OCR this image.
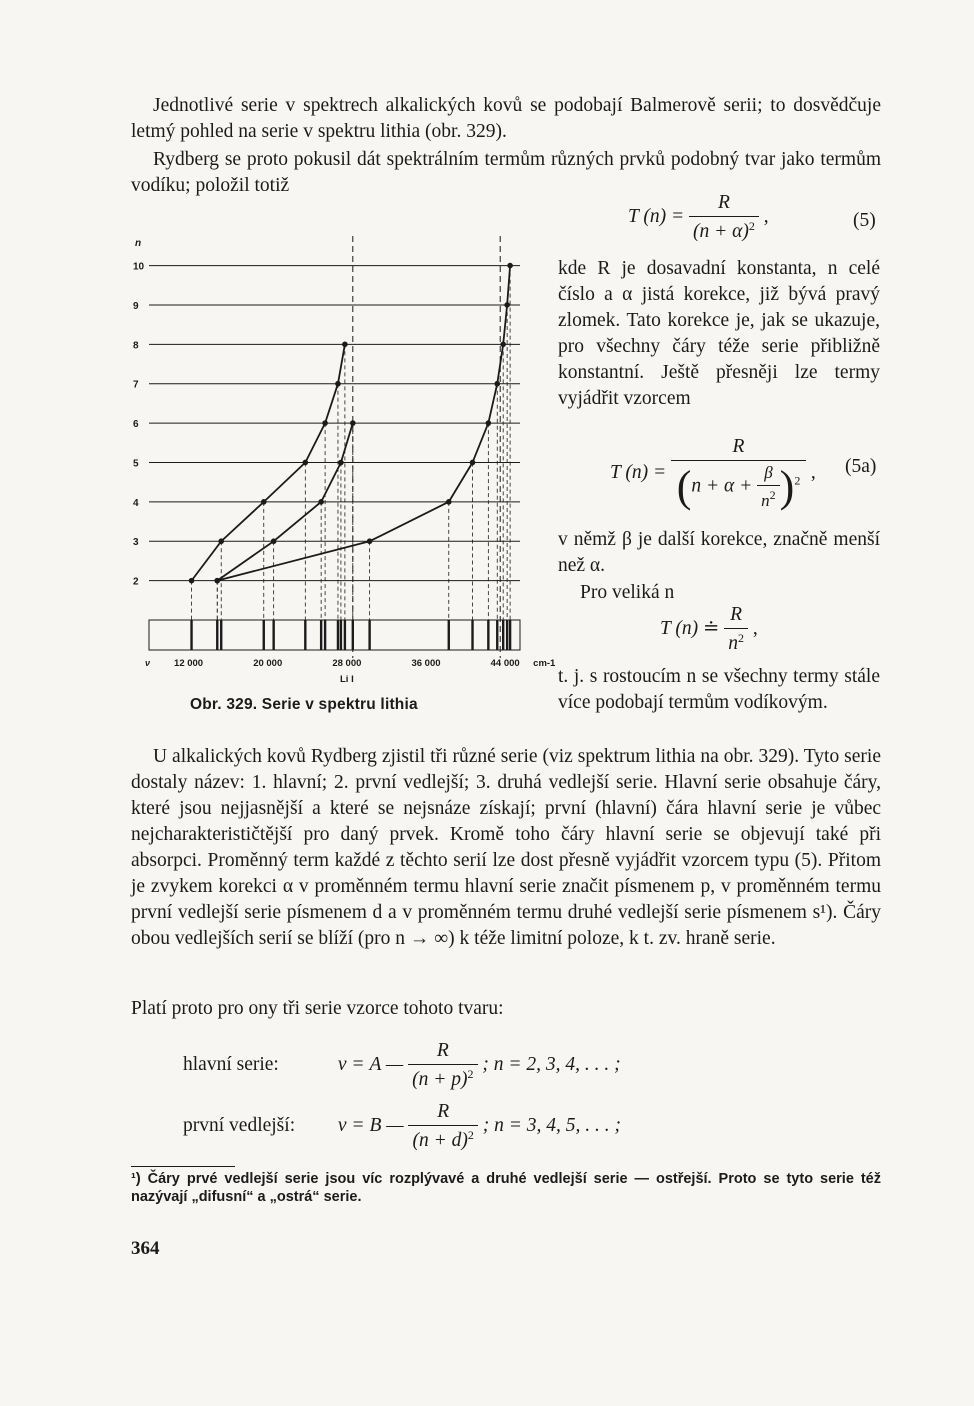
Jednotlivé serie v spektrech alkalických kovů se podobají Balmerově serii; to dosvědčuje letmý pohled na serie v spektru lithia (obr. 329).
Rydberg se proto pokusil dát spektrálním termům různých prvků podobný tvar jako termům vodíku; položil totiž
T $(n) = \frac{R}{(n + \alpha)^2}$ ,	(5)
kde R je dosavadní konstanta, n celé číslo a α jistá korekce, již bývá pravý zlomek. Tato korekce je, jak se ukazuje, pro všechny čáry téže serie přibližně konstantní. Ještě přesněji lze termy vyjádřit vzorcem
T $(n) = \frac{R}{(n + \alpha + \frac{\beta}{n^2} )^2}$ , (5a)
v němž β je další korekce, značně menší než α.
Pro veliká n
T (n) ≐ $\frac{R}{n^2}$ ,
t. j. s rostoucím n se všechny termy stále více podobají termům vodíkovým.
2
3
4
5
6
7
8
9
10
n
ν	12 000	20 000	28 000	36 000	44 000 cm-1
Li I
Obr. 329. Serie v spektru lithia
U alkalických kovů Rydberg zjistil tři různé serie (viz spektrum lithia na obr. 329). Tyto serie dostaly název: 1. hlavní; 2. první vedlejší; 3. druhá vedlejší serie. Hlavní serie obsahuje čáry, které jsou nejjasnější a které se nejsnáze získají; první (hlavní) čára hlavní serie je vůbec nejcharakterističtější pro daný prvek. Kromě toho čáry hlavní serie se objevují také při absorpci. Proměnný term každé z těchto serií lze dost přesně vyjádřit vzorcem typu (5). Přitom je zvykem korekci α v proměnném termu hlavní serie značit písmenem p, v proměnném termu první vedlejší serie písmenem d a v proměnném termu druhé vedlejší serie písmenem s¹). Čáry obou vedlejších serií se blíží (pro n → ∞) k téže limitní poloze, k t. zv. hraně serie.
Platí proto pro ony tři serie vzorce tohoto tvaru:
hlavní serie:	ν = A — $\frac{R}{(n + p)^2}$ ; n = 2, 3, 4, . . . ;
první vedlejší: ν = B — $\frac{R}{(n + d)^2}$ ; n = 3, 4, 5, . . . ;
¹) Čáry prvé vedlejší serie jsou víc rozplývavé a druhé vedlejší serie — ostřejší. Proto se tyto serie též nazývají „difusní“ a „ostrá“ serie.
364
